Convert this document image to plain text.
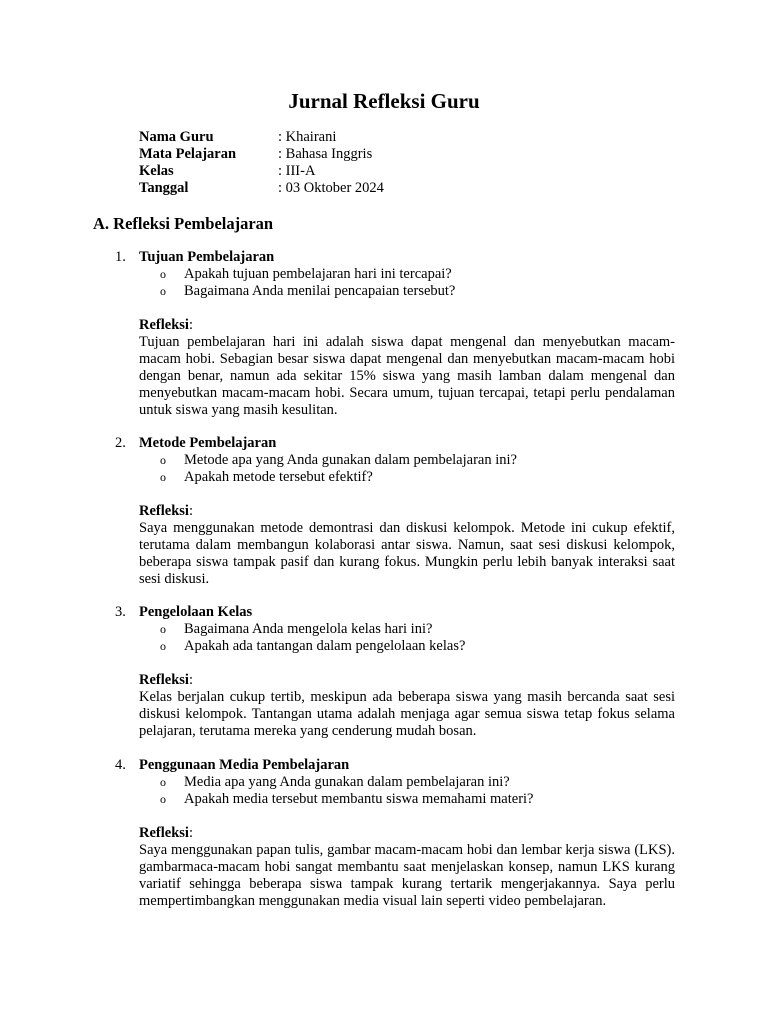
Jurnal Refleksi Guru
Nama Guru	: Khairani
Mata Pelajaran	: Bahasa Inggris
Kelas	: III-A
Tanggal	: 03 Oktober 2024
A. Refleksi Pembelajaran
1. Tujuan Pembelajaran
o	Apakah tujuan pembelajaran hari ini tercapai?
o	Bagaimana Anda menilai pencapaian tersebut?
Refleksi:
Tujuan pembelajaran hari ini adalah siswa dapat mengenal dan menyebutkan macam-macam hobi. Sebagian besar siswa dapat mengenal dan menyebutkan macam-macam hobi dengan benar, namun ada sekitar 15% siswa yang masih lamban dalam mengenal dan menyebutkan macam-macam hobi. Secara umum, tujuan tercapai, tetapi perlu pendalaman untuk siswa yang masih kesulitan.
2. Metode Pembelajaran
o	Metode apa yang Anda gunakan dalam pembelajaran ini?
o	Apakah metode tersebut efektif?
Refleksi:
Saya menggunakan metode demontrasi dan diskusi kelompok. Metode ini cukup efektif, terutama dalam membangun kolaborasi antar siswa. Namun, saat sesi diskusi kelompok, beberapa siswa tampak pasif dan kurang fokus. Mungkin perlu lebih banyak interaksi saat sesi diskusi.
3. Pengelolaan Kelas
o	Bagaimana Anda mengelola kelas hari ini?
o	Apakah ada tantangan dalam pengelolaan kelas?
Refleksi:
Kelas berjalan cukup tertib, meskipun ada beberapa siswa yang masih bercanda saat sesi diskusi kelompok. Tantangan utama adalah menjaga agar semua siswa tetap fokus selama pelajaran, terutama mereka yang cenderung mudah bosan.
4. Penggunaan Media Pembelajaran
o	Media apa yang Anda gunakan dalam pembelajaran ini?
o	Apakah media tersebut membantu siswa memahami materi?
Refleksi:
Saya menggunakan papan tulis, gambar macam-macam hobi dan lembar kerja siswa (LKS). gambarmaca-macam hobi sangat membantu saat menjelaskan konsep, namun LKS kurang variatif sehingga beberapa siswa tampak kurang tertarik mengerjakannya. Saya perlu mempertimbangkan menggunakan media visual lain seperti video pembelajaran.
